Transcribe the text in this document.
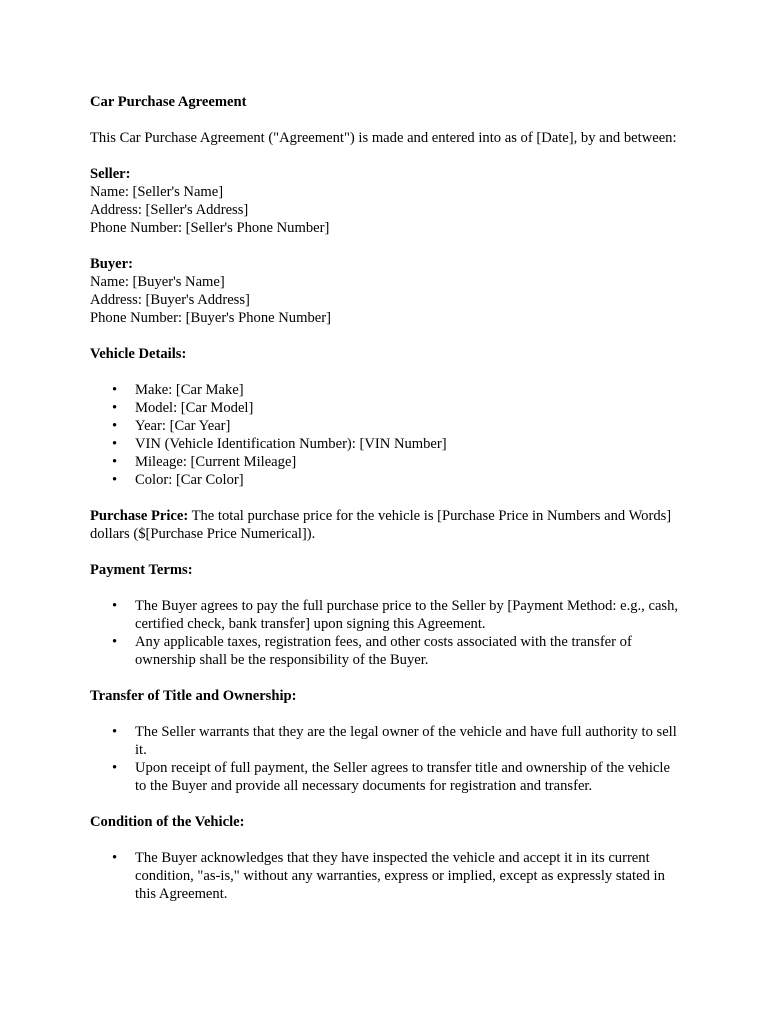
Car Purchase Agreement

This Car Purchase Agreement ("Agreement") is made and entered into as of [Date], by and between:

Seller:
Name: [Seller's Name]
Address: [Seller's Address]
Phone Number: [Seller's Phone Number]
Buyer:
Name: [Buyer's Name]
Address: [Buyer's Address]
Phone Number: [Buyer's Phone Number]

Vehicle Details:

• Make: [Car Make]
• Model: [Car Model]
• Year: [Car Year]
• VIN (Vehicle Identification Number): [VIN Number]
• Mileage: [Current Mileage]
• Color: [Car Color]

Purchase Price: The total purchase price for the vehicle is [Purchase Price in Numbers and Words] dollars ($[Purchase Price Numerical]).

Payment Terms:

• The Buyer agrees to pay the full purchase price to the Seller by [Payment Method: e.g., cash, certified check, bank transfer] upon signing this Agreement.
• Any applicable taxes, registration fees, and other costs associated with the transfer of ownership shall be the responsibility of the Buyer.

Transfer of Title and Ownership:

• The Seller warrants that they are the legal owner of the vehicle and have full authority to sell it.
• Upon receipt of full payment, the Seller agrees to transfer title and ownership of the vehicle to the Buyer and provide all necessary documents for registration and transfer.

Condition of the Vehicle:

• The Buyer acknowledges that they have inspected the vehicle and accept it in its current condition, "as-is," without any warranties, express or implied, except as expressly stated in this Agreement.
